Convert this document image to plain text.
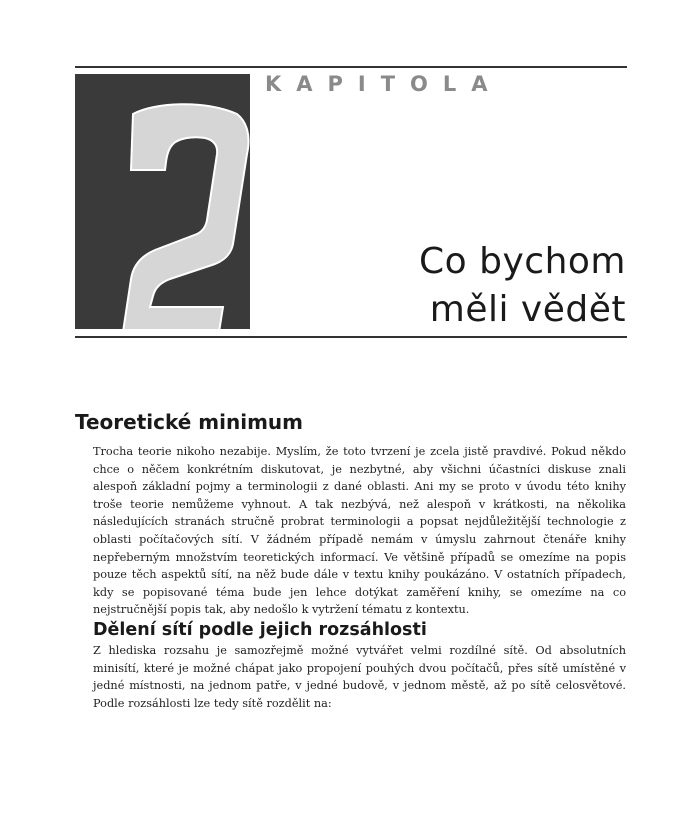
2	KAPITOLA
Co bychom
měli vědět
Teoretické minimum

Trocha teorie nikoho nezabije. Myslím, že toto tvrzení je zcela jistě pravdivé. Pokud někdo chce o něčem konkrétním diskutovat, je nezbytné, aby všichni účastníci diskuse znali alespoň základní pojmy a terminologii z dané oblasti. Ani my se proto v úvodu této knihy troše teorie nemůžeme vyhnout. A tak nezbývá, než alespoň v krátkosti, na několika následujících stranách stručně probrat terminologii a popsat nejdůležitější technologie z oblasti počítačových sítí. V žádném případě nemám v úmyslu zahrnout čtenáře knihy nepřeberným množstvím teoretických informací. Ve většině případů se omezíme na popis pouze těch aspektů sítí, na něž bude dále v textu knihy poukázáno. V ostatních případech, kdy se popisované téma bude jen lehce dotýkat zaměření knihy, se omezíme na co nejstručnější popis tak, aby nedošlo k vytržení tématu z kontextu.

Dělení sítí podle jejich rozsáhlosti

Z hlediska rozsahu je samozřejmě možné vytvářet velmi rozdílné sítě. Od absolutních minisítí, které je možné chápat jako propojení pouhých dvou počítačů, přes sítě umístěné v jedné místnosti, na jednom patře, v jedné budově, v jednom městě, až po sítě celosvětové. Podle rozsáhlosti lze tedy sítě rozdělit na:
